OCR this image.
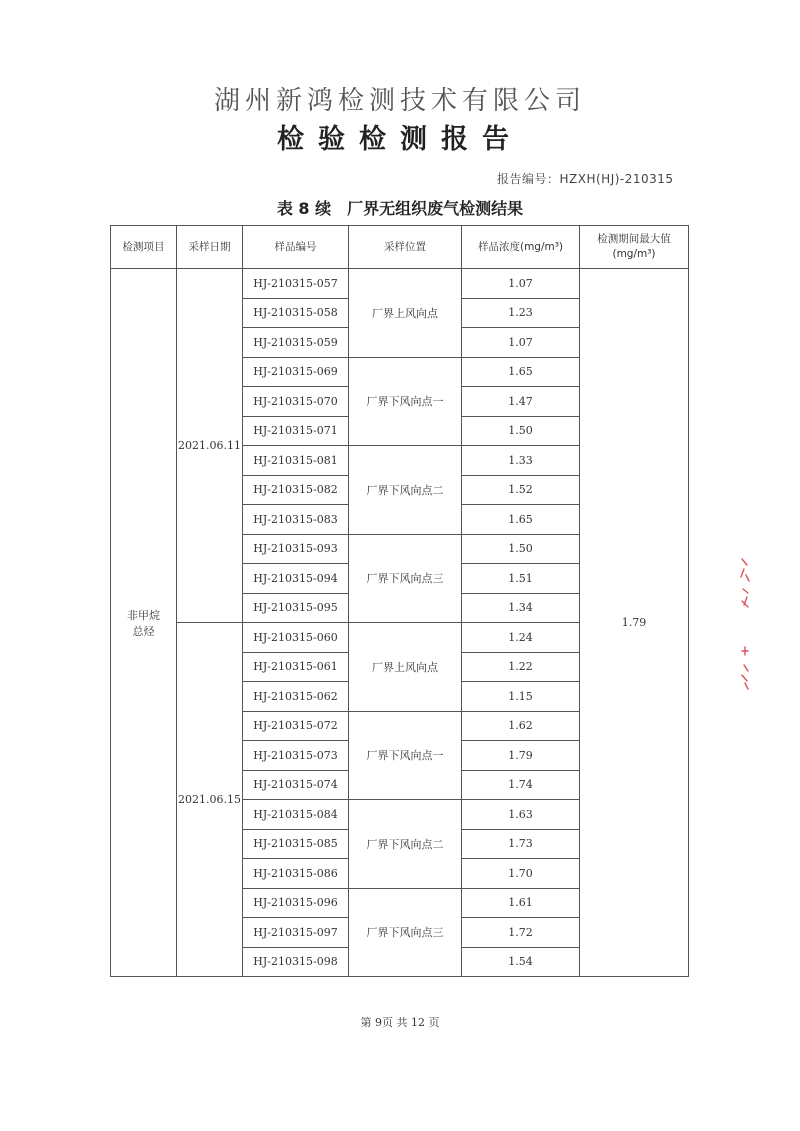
湖州新鸿检测技术有限公司
检验检测报告
报告编号：HZXH(HJ)-210315
表 8 续　厂界无组织废气检测结果
检测项目	采样日期	样品编号	采样位置	样品浓度(mg/m³)	检测期间最大值(mg/m³)
非甲烷总烃	2021.06.11	HJ-210315-057	厂界上风向点	1.07	1.79
		HJ-210315-058		1.23	
		HJ-210315-059		1.07	
		HJ-210315-069	厂界下风向点一	1.65	
		HJ-210315-070		1.47	
		HJ-210315-071		1.50	
		HJ-210315-081	厂界下风向点二	1.33	
		HJ-210315-082		1.52	
		HJ-210315-083		1.65	
		HJ-210315-093	厂界下风向点三	1.50	
		HJ-210315-094		1.51	
		HJ-210315-095		1.34	
	2021.06.15	HJ-210315-060	厂界上风向点	1.24	
		HJ-210315-061		1.22	
		HJ-210315-062		1.15	
		HJ-210315-072	厂界下风向点一	1.62	
		HJ-210315-073		1.79	
		HJ-210315-074		1.74	
		HJ-210315-084	厂界下风向点二	1.63	
		HJ-210315-085		1.73	
		HJ-210315-086		1.70	
		HJ-210315-096	厂界下风向点三	1.61	
		HJ-210315-097		1.72	
		HJ-210315-098		1.54	
第 9页 共 12 页
